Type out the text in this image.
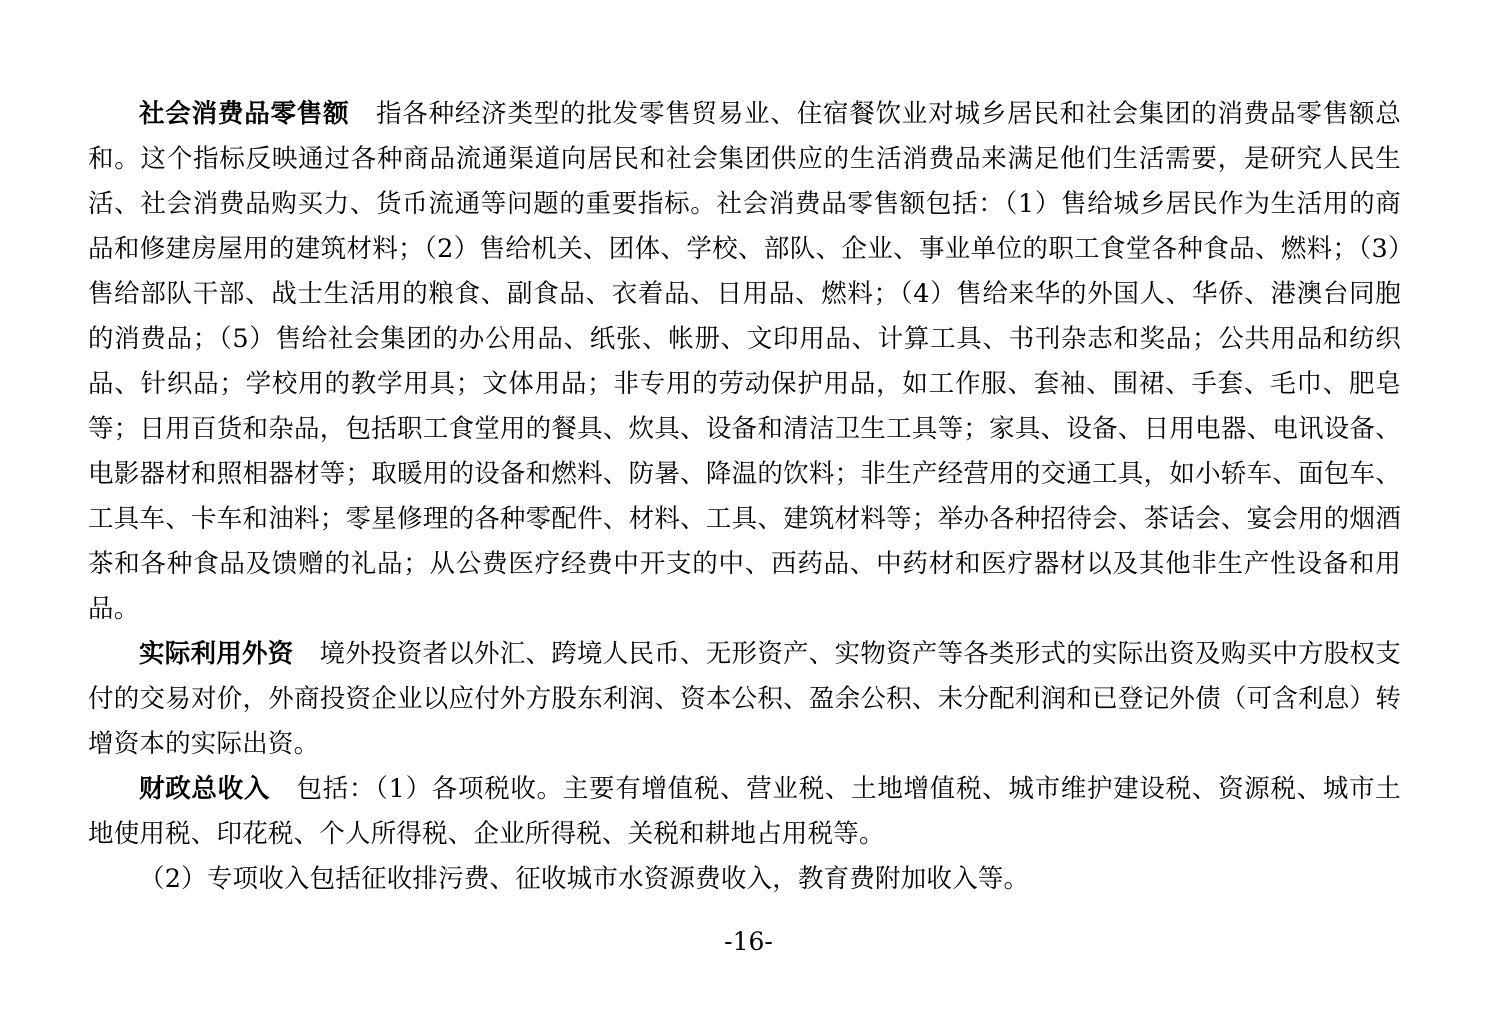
社会消费品零售额 指各种经济类型的批发零售贸易业、住宿餐饮业对城乡居民和社会集团的消费品零售额总和。这个指标反映通过各种商品流通渠道向居民和社会集团供应的生活消费品来满足他们生活需要，是研究人民生活、社会消费品购买力、货币流通等问题的重要指标。社会消费品零售额包括：（1）售给城乡居民作为生活用的商品和修建房屋用的建筑材料；（2）售给机关、团体、学校、部队、企业、事业单位的职工食堂各种食品、燃料；（3）售给部队干部、战士生活用的粮食、副食品、衣着品、日用品、燃料；（4）售给来华的外国人、华侨、港澳台同胞的消费品；（5）售给社会集团的办公用品、纸张、帐册、文印用品、计算工具、书刊杂志和奖品；公共用品和纺织品、针织品；学校用的教学用具；文体用品；非专用的劳动保护用品，如工作服、套袖、围裙、手套、毛巾、肥皂等；日用百货和杂品，包括职工食堂用的餐具、炊具、设备和清洁卫生工具等；家具、设备、日用电器、电讯设备、电影器材和照相器材等；取暖用的设备和燃料、防暑、降温的饮料；非生产经营用的交通工具，如小轿车、面包车、工具车、卡车和油料；零星修理的各种零配件、材料、工具、建筑材料等；举办各种招待会、茶话会、宴会用的烟酒茶和各种食品及馈赠的礼品；从公费医疗经费中开支的中、西药品、中药材和医疗器材以及其他非生产性设备和用品。

实际利用外资 境外投资者以外汇、跨境人民币、无形资产、实物资产等各类形式的实际出资及购买中方股权支付的交易对价，外商投资企业以应付外方股东利润、资本公积、盈余公积、未分配利润和已登记外债（可含利息）转增资本的实际出资。

财政总收入 包括：（1）各项税收。主要有增值税、营业税、土地增值税、城市维护建设税、资源税、城市土地使用税、印花税、个人所得税、企业所得税、关税和耕地占用税等。

（2）专项收入包括征收排污费、征收城市水资源费收入，教育费附加收入等。

-16-
